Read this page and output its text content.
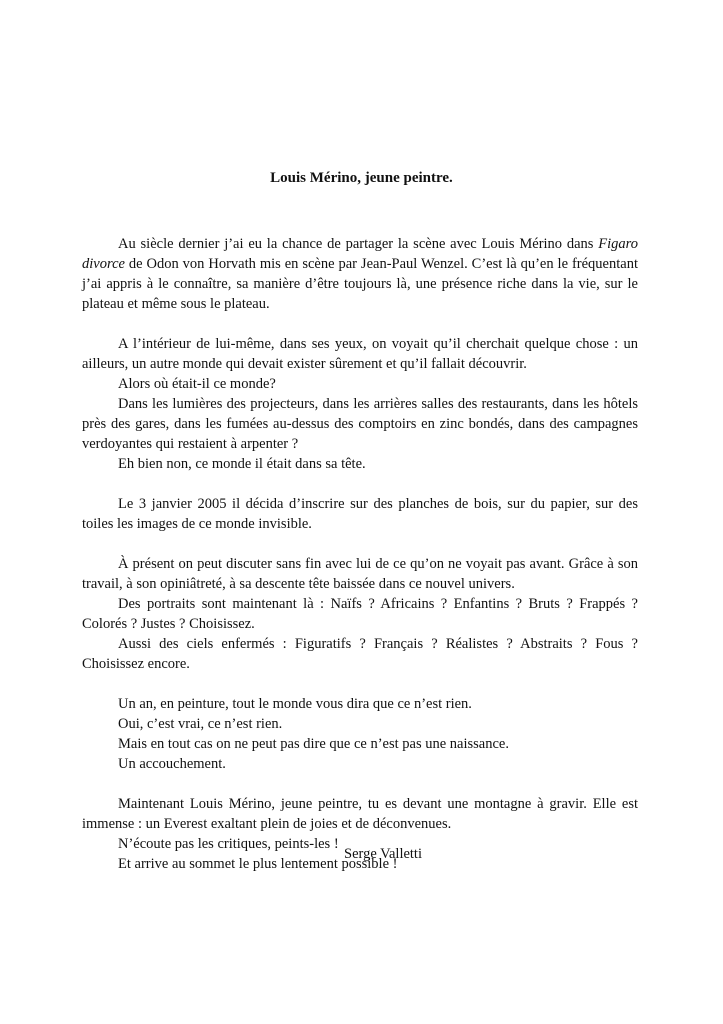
Louis Mérino, jeune peintre.

Au siècle dernier j’ai eu la chance de partager la scène avec Louis Mérino dans Figaro divorce de Odon von Horvath mis en scène par Jean-Paul Wenzel. C’est là qu’en le fréquentant j’ai appris à le connaître, sa manière d’être toujours là, une présence riche dans la vie, sur le plateau et même sous le plateau.

A l’intérieur de lui-même, dans ses yeux, on voyait qu’il cherchait quelque chose : un ailleurs, un autre monde qui devait exister sûrement et qu’il fallait découvrir.

Alors où était-il ce monde?

Dans les lumières des projecteurs, dans les arrières salles des restaurants, dans les hôtels près des gares, dans les fumées au-dessus des comptoirs en zinc bondés, dans des campagnes verdoyantes qui restaient à arpenter ?

Eh bien non, ce monde il était dans sa tête.

Le 3 janvier 2005 il décida d’inscrire sur des planches de bois, sur du papier, sur des toiles les images de ce monde invisible.

À présent on peut discuter sans fin avec lui de ce qu’on ne voyait pas avant. Grâce à son travail, à son opiniâtreté, à sa descente tête baissée dans ce nouvel univers.

Des portraits sont maintenant là : Naïfs ? Africains ? Enfantins ? Bruts ? Frappés ? Colorés ? Justes ? Choisissez.

Aussi des ciels enfermés : Figuratifs ? Français ? Réalistes ? Abstraits ? Fous ? Choisissez encore.

Un an, en peinture, tout le monde vous dira que ce n’est rien.

Oui, c’est vrai, ce n’est rien.

Mais en tout cas on ne peut pas dire que ce n’est pas une naissance.

Un accouchement.

Maintenant Louis Mérino, jeune peintre, tu es devant une montagne à gravir. Elle est immense : un Everest exaltant plein de joies et de déconvenues.

N’écoute pas les critiques, peints-les !

Et arrive au sommet le plus lentement possible !

Serge Valletti
